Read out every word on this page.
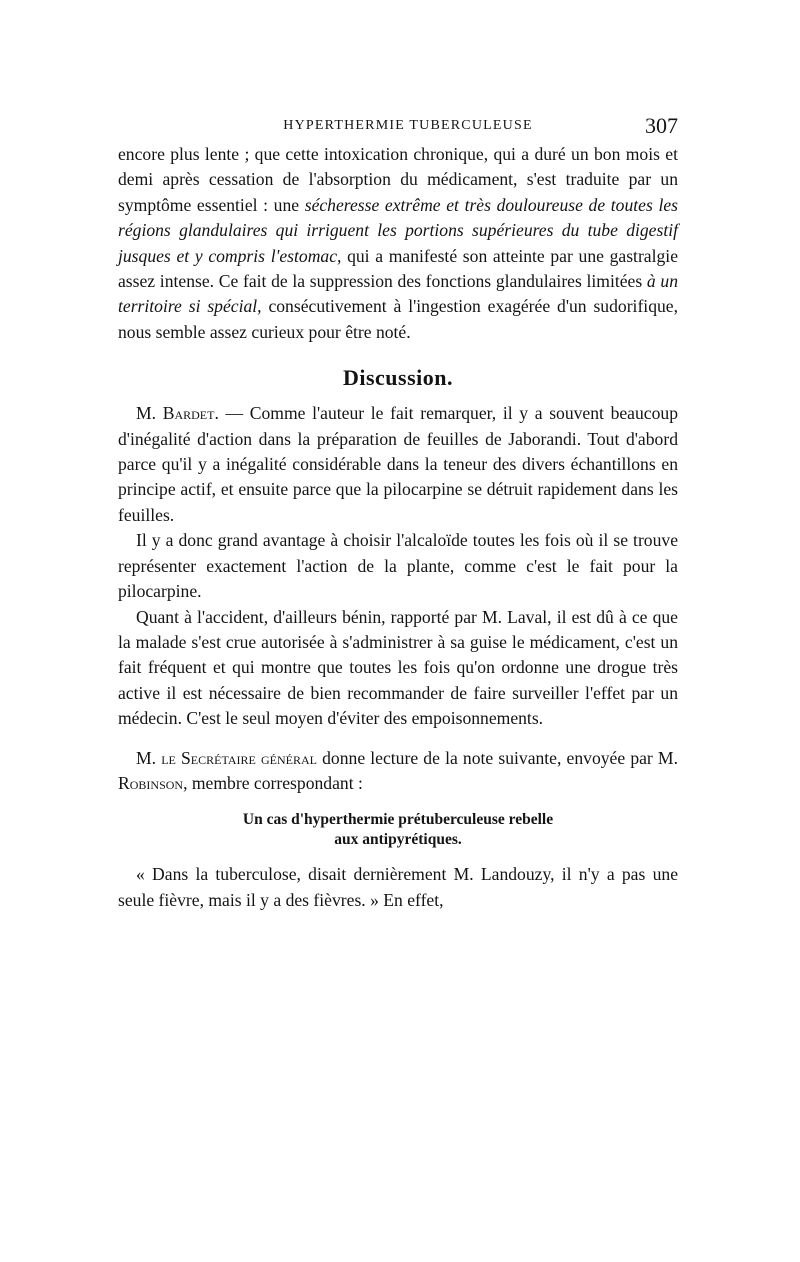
HYPERTHERMIE TUBERCULEUSE	307

encore plus lente ; que cette intoxication chronique, qui a duré un bon mois et demi après cessation de l'absorption du médicament, s'est traduite par un symptôme essentiel : une sécheresse extrême et très douloureuse de toutes les régions glandulaires qui irriguent les portions supérieures du tube digestif jusques et y compris l'estomac, qui a manifesté son atteinte par une gastralgie assez intense. Ce fait de la suppression des fonctions glandulaires limitées à un territoire si spécial, consécutivement à l'ingestion exagérée d'un sudorifique, nous semble assez curieux pour être noté.

Discussion.

M. Bardet. — Comme l'auteur le fait remarquer, il y a souvent beaucoup d'inégalité d'action dans la préparation de feuilles de Jaborandi. Tout d'abord parce qu'il y a inégalité considérable dans la teneur des divers échantillons en principe actif, et ensuite parce que la pilocarpine se détruit rapidement dans les feuilles.

Il y a donc grand avantage à choisir l'alcaloïde toutes les fois où il se trouve représenter exactement l'action de la plante, comme c'est le fait pour la pilocarpine.

Quant à l'accident, d'ailleurs bénin, rapporté par M. Laval, il est dû à ce que la malade s'est crue autorisée à s'administrer à sa guise le médicament, c'est un fait fréquent et qui montre que toutes les fois qu'on ordonne une drogue très active il est nécessaire de bien recommander de faire surveiller l'effet par un médecin. C'est le seul moyen d'éviter des empoisonnements.

M. le Secrétaire général donne lecture de la note suivante, envoyée par M. Robinson, membre correspondant :

Un cas d'hyperthermie prétuberculeuse rebelle
aux antipyrétiques.

« Dans la tuberculose, disait dernièrement M. Landouzy, il n'y a pas une seule fièvre, mais il y a des fièvres. » En effet,
